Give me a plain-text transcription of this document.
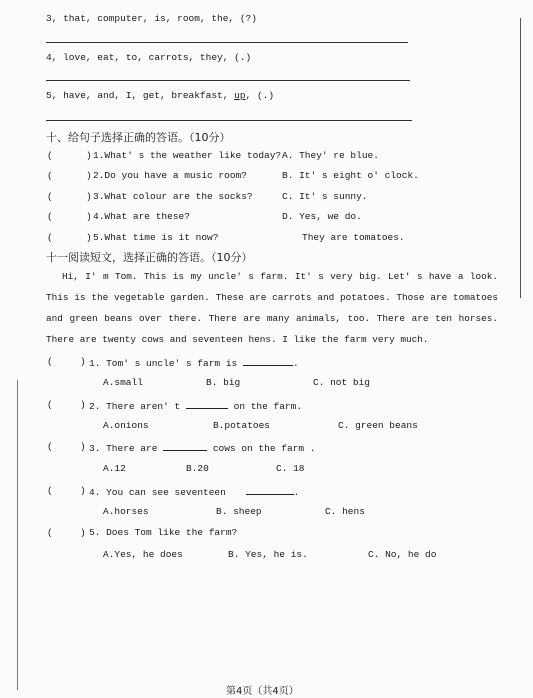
3, that, computer, is, room, the, (?)
4, love, eat, to, carrots, they, (.)
5, have, and, I, get, breakfast, up, (.)
十、给句子选择正确的答语。（10分）
(	) 1.What' s the weather like today? A. They' re blue.
(	) 2.Do you have a music room?	B. It' s eight o' clock.
(	) 3.What colour are the socks?	C. It' s sunny.
(	) 4.What are these?	D. Yes, we do.
(	) 5.What time is it now?	They are tomatoes.
十一阅读短文，选择正确的答语。（10分）
Hi, I' m Tom. This is my uncle' s farm. It' s very big. Let' s have a look. This is the vegetable garden. These are carrots and potatoes. Those are tomatoes and green beans over there. There are many animals, too. There are ten horses. There are twenty cows and seventeen hens. I like the farm very much.
(	) 1. Tom' s uncle' s farm is	.
A.small	B. big	C. not big
(	) 2. There aren' t	on the farm.
A.onions	B.potatoes	C. green beans
(	) 3. There are	cows on the farm .
A.12	B.20	C. 18
(	) 4. You can see seventeen	.
A.horses	B. sheep	C. hens
(	) 5. Does Tom like the farm?
A.Yes, he does	B. Yes, he is.	C. No, he do
第4页（共4页）
